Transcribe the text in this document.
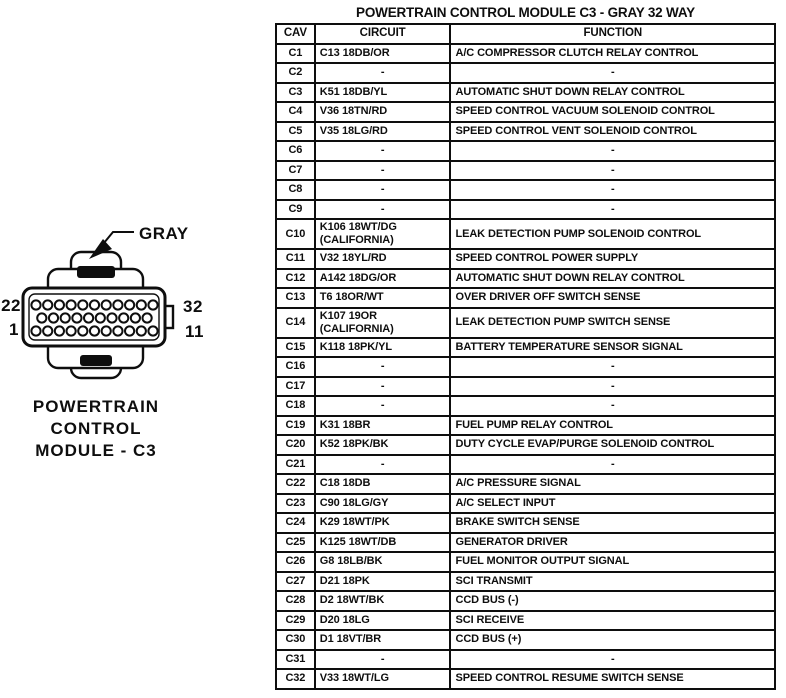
GRAY
22
1
32
11
POWERTRAIN
CONTROL
MODULE - C3
POWERTRAIN CONTROL MODULE C3 - GRAY 32 WAY
CAV	CIRCUIT	FUNCTION
C1	C13 18DB/OR	A/C COMPRESSOR CLUTCH RELAY CONTROL
C2	-	-
C3	K51 18DB/YL	AUTOMATIC SHUT DOWN RELAY CONTROL
C4	V36 18TN/RD	SPEED CONTROL VACUUM SOLENOID CONTROL
C5	V35 18LG/RD	SPEED CONTROL VENT SOLENOID CONTROL
C6	-	-
C7	-	-
C8	-	-
C9	-	-
C10	K106 18WT/DG (CALIFORNIA)	LEAK DETECTION PUMP SOLENOID CONTROL
C11	V32 18YL/RD	SPEED CONTROL POWER SUPPLY
C12	A142 18DG/OR	AUTOMATIC SHUT DOWN RELAY CONTROL
C13	T6 18OR/WT	OVER DRIVER OFF SWITCH SENSE
C14	K107 19OR (CALIFORNIA)	LEAK DETECTION PUMP SWITCH SENSE
C15	K118 18PK/YL	BATTERY TEMPERATURE SENSOR SIGNAL
C16	-	-
C17	-	-
C18	-	-
C19	K31 18BR	FUEL PUMP RELAY CONTROL
C20	K52 18PK/BK	DUTY CYCLE EVAP/PURGE SOLENOID CONTROL
C21	-	-
C22	C18 18DB	A/C PRESSURE SIGNAL
C23	C90 18LG/GY	A/C SELECT INPUT
C24	K29 18WT/PK	BRAKE SWITCH SENSE
C25	K125 18WT/DB	GENERATOR DRIVER
C26	G8 18LB/BK	FUEL MONITOR OUTPUT SIGNAL
C27	D21 18PK	SCI TRANSMIT
C28	D2 18WT/BK	CCD BUS (-)
C29	D20 18LG	SCI RECEIVE
C30	D1 18VT/BR	CCD BUS (+)
C31	-	-
C32	V33 18WT/LG	SPEED CONTROL RESUME SWITCH SENSE
